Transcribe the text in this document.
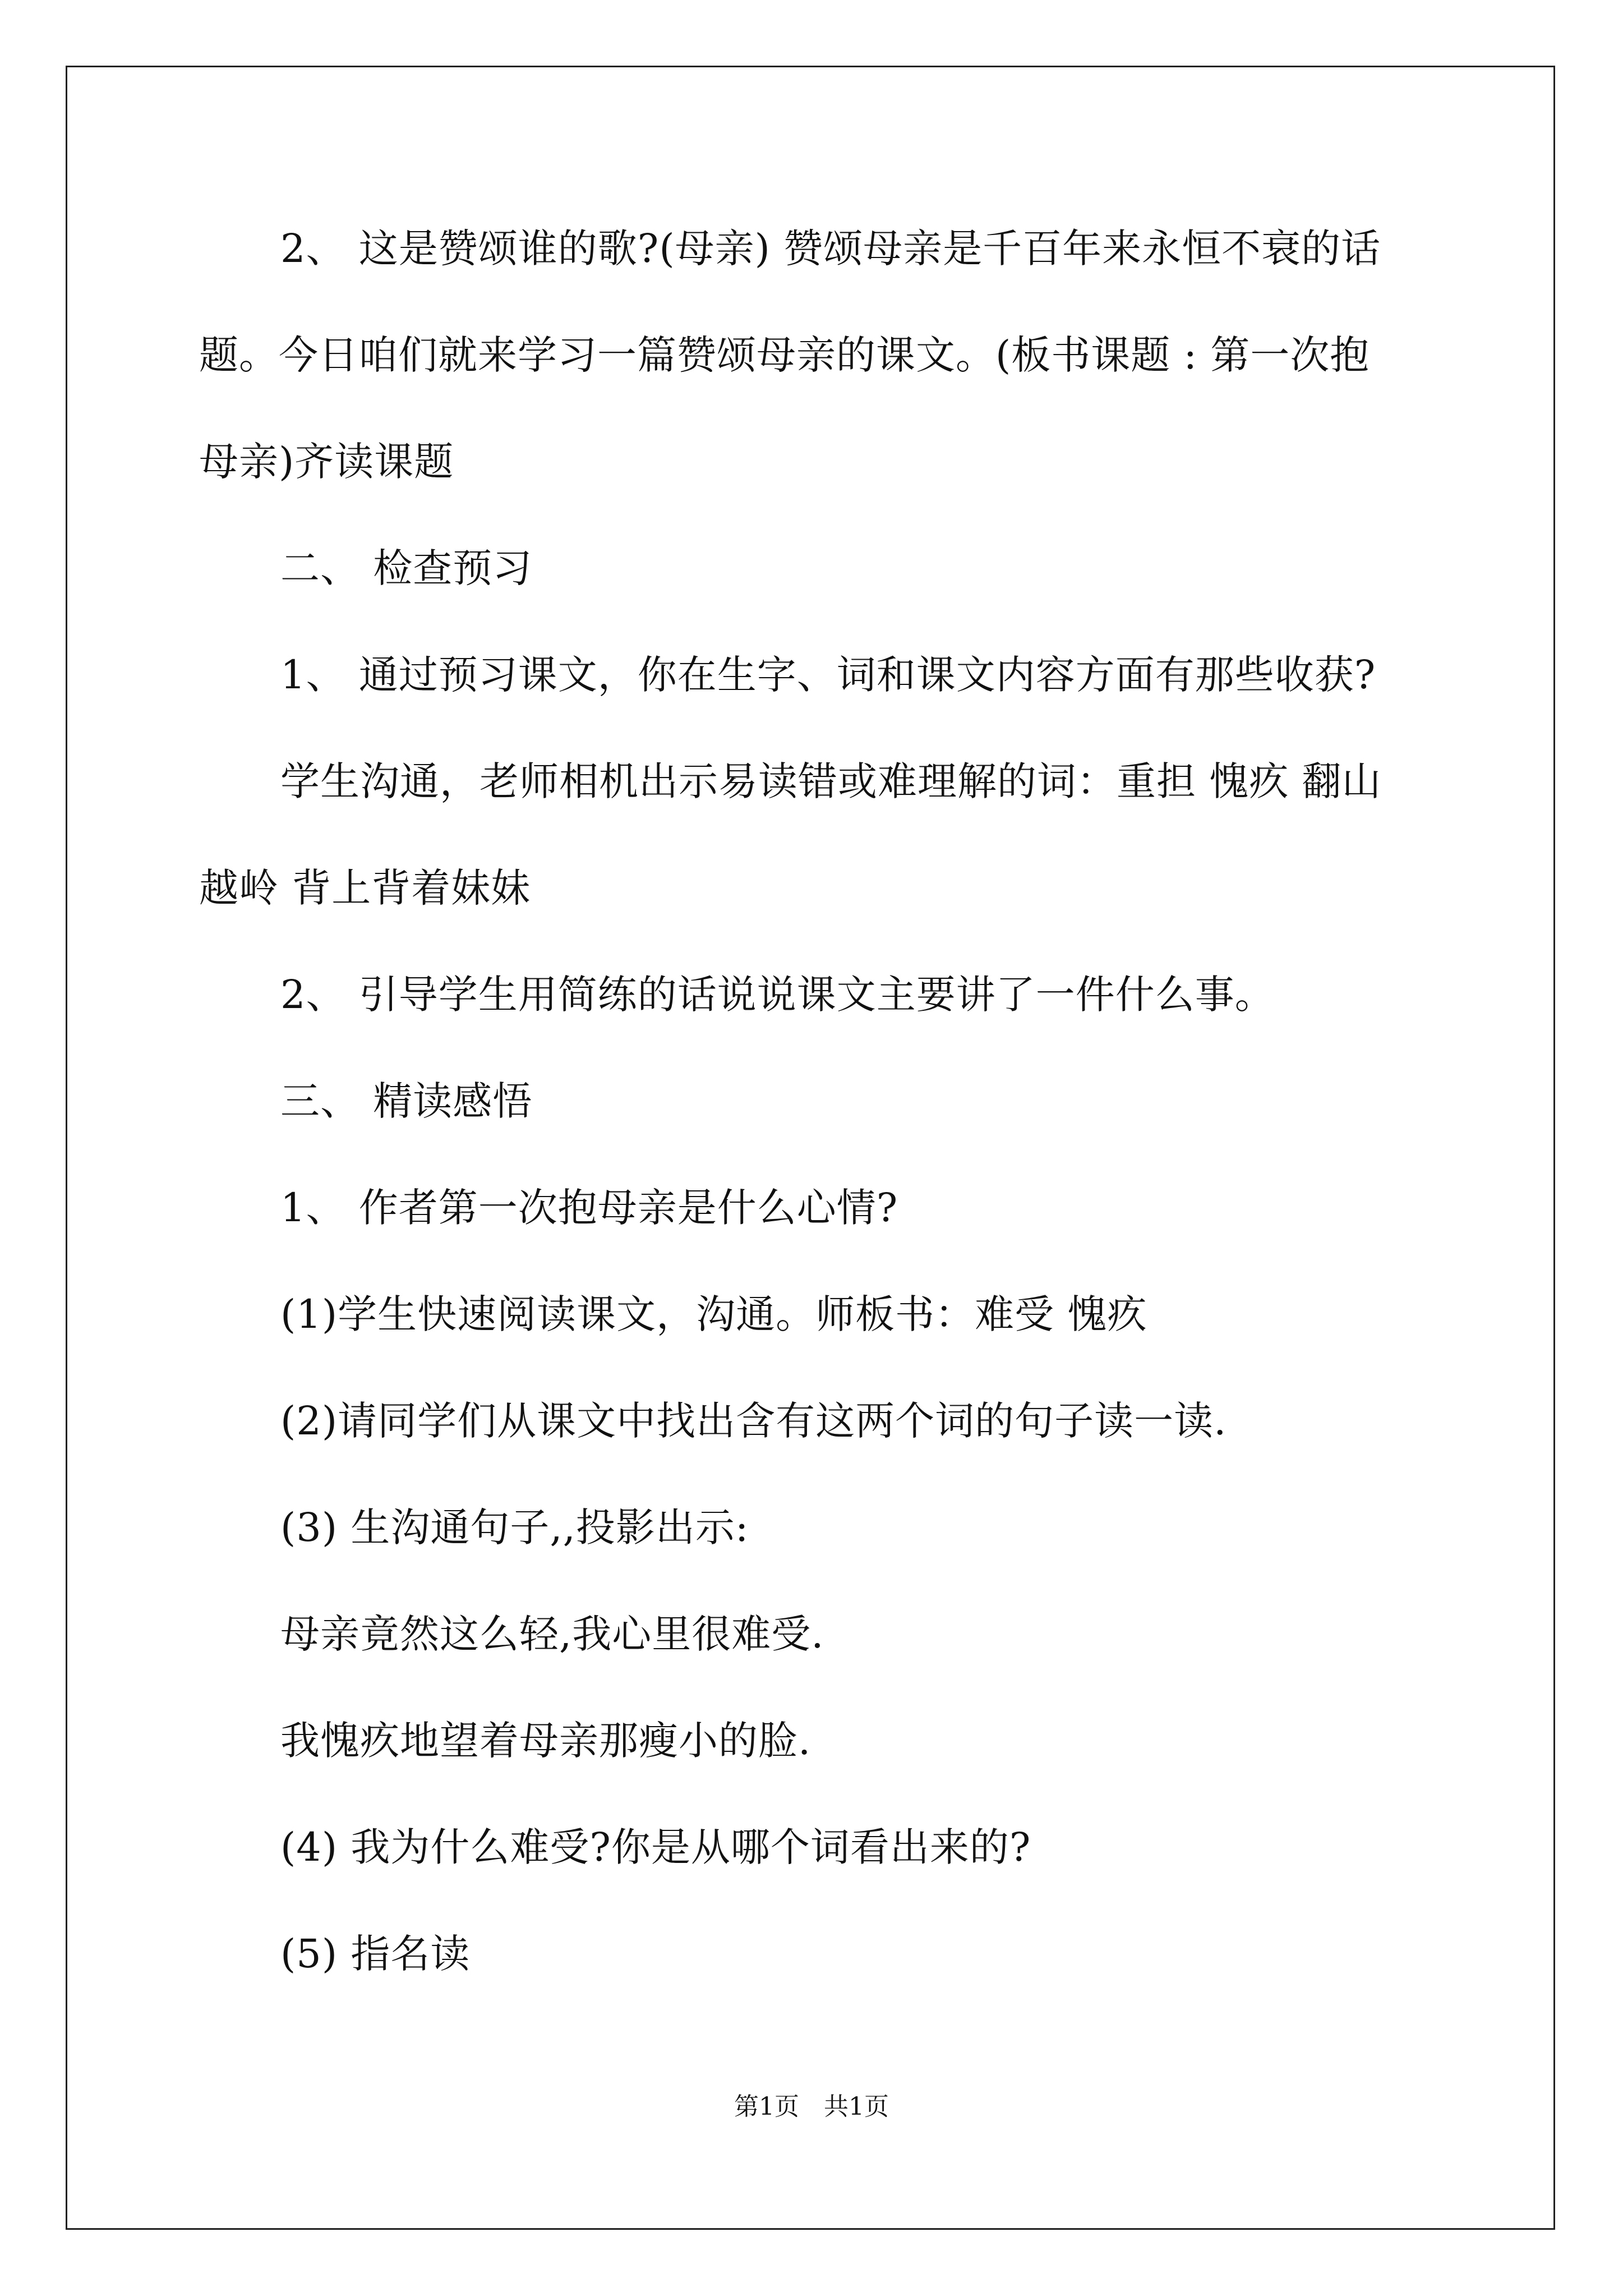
2、 这是赞颂谁的歌?(母亲) 赞颂母亲是千百年来永恒不衰的话
题。今日咱们就来学习一篇赞颂母亲的课文。(板书课题 : 第一次抱
母亲)齐读课题
二、 检查预习
1、 通过预习课文，你在生字、词和课文内容方面有那些收获?
学生沟通，老师相机出示易读错或难理解的词：重担 愧疚 翻山
越岭 背上背着妹妹
2、 引导学生用简练的话说说课文主要讲了一件什么事。
三、 精读感悟
1、 作者第一次抱母亲是什么心情?
(1)学生快速阅读课文，沟通。师板书：难受 愧疚
(2)请同学们从课文中找出含有这两个词的句子读一读.
(3) 生沟通句子,,投影出示:
母亲竟然这么轻,我心里很难受.
我愧疚地望着母亲那瘦小的脸.
(4) 我为什么难受?你是从哪个词看出来的?
(5) 指名读
第1页　共1页
